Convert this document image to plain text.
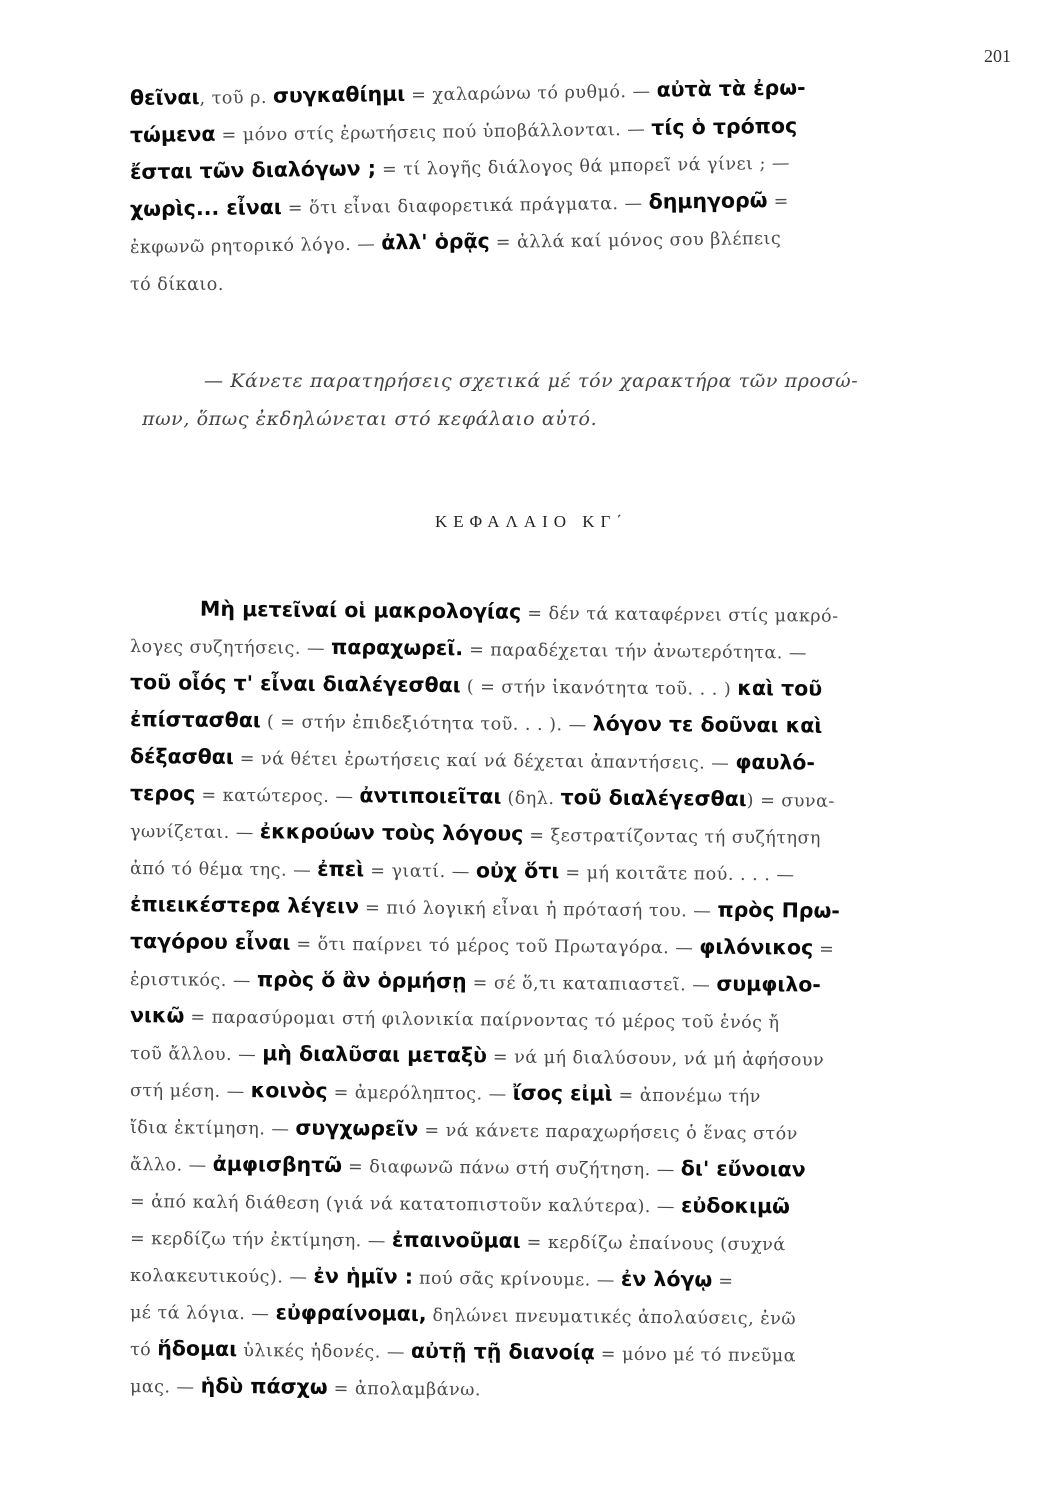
201
θεῖναι, τοῦ ρ. συγκαθίημι = χαλαρώνω τό ρυθμό. — αὐτὰ τὰ ἐρω-
τώμενα = μόνο στίς ἐρωτήσεις πού ὑποβάλλονται. — τίς ὁ τρόπος
ἔσται τῶν διαλόγων ; = τί λογῆς διάλογος θά μπορεῖ νά γίνει ; —
χωρὶς... εἶναι = ὅτι εἶναι διαφορετικά πράγματα. — δημηγορῶ =
ἐκφωνῶ ρητορικό λόγο. — ἀλλ' ὁρᾷς = ἀλλά καί μόνος σου βλέπεις
τό δίκαιο.
— Κάνετε παρατηρήσεις σχετικά μέ τόν χαρακτήρα τῶν προσώ-
πων, ὅπως ἐκδηλώνεται στό κεφάλαιο αὐτό.
ΚΕΦΑΛΑΙΟ ΚΓ΄
Μὴ μετεῖναί οἱ μακρολογίας = δέν τά καταφέρνει στίς μακρό-
λογες συζητήσεις. — παραχωρεῖ. = παραδέχεται τήν ἀνωτερότητα. —
τοῦ οἷός τ' εἶναι διαλέγεσθαι ( = στήν ἱκανότητα τοῦ. . . ) καὶ τοῦ
ἐπίστασθαι ( = στήν ἐπιδεξιότητα τοῦ. . . ). — λόγον τε δοῦναι καὶ
δέξασθαι = νά θέτει ἐρωτήσεις καί νά δέχεται ἀπαντήσεις. — φαυλό-
τερος = κατώτερος. — ἀντιποιεῖται (δηλ. τοῦ διαλέγεσθαι) = συνα-
γωνίζεται. — ἐκκρούων τοὺς λόγους = ξεστρατίζοντας τή συζήτηση
ἀπό τό θέμα της. — ἐπεὶ = γιατί. — οὐχ ὅτι = μή κοιτᾶτε πού. . . . —
ἐπιεικέστερα λέγειν = πιό λογική εἶναι ἡ πρότασή του. — πρὸς Πρω-
ταγόρου εἶναι = ὅτι παίρνει τό μέρος τοῦ Πρωταγόρα. — φιλόνικος =
ἐριστικός. — πρὸς ὅ ἂν ὁρμήσῃ = σέ ὅ,τι καταπιαστεῖ. — συμφιλο-
νικῶ = παρασύρομαι στή φιλονικία παίρνοντας τό μέρος τοῦ ἑνός ἤ
τοῦ ἄλλου. — μὴ διαλῦσαι μεταξὺ = νά μή διαλύσουν, νά μή ἀφήσουν
στή μέση. — κοινὸς = ἀμερόληπτος. — ἴσος εἰμὶ = ἀπονέμω τήν
ἴδια ἐκτίμηση. — συγχωρεῖν = νά κάνετε παραχωρήσεις ὁ ἕνας στόν
ἄλλο. — ἀμφισβητῶ = διαφωνῶ πάνω στή συζήτηση. — δι' εὔνοιαν
= ἀπό καλή διάθεση (γιά νά κατατοπιστοῦν καλύτερα). — εὐδοκιμῶ
= κερδίζω τήν ἐκτίμηση. — ἐπαινοῦμαι = κερδίζω ἐπαίνους (συχνά
κολακευτικούς). — ἐν ἡμῖν : πού σᾶς κρίνουμε. — ἐν λόγῳ =
μέ τά λόγια. — εὐφραίνομαι, δηλώνει πνευματικές ἀπολαύσεις, ἐνῶ
τό ἥδομαι ὑλικές ἡδονές. — αὐτῇ τῇ διανοίᾳ = μόνο μέ τό πνεῦμα
μας. — ἡδὺ πάσχω = ἀπολαμβάνω.
